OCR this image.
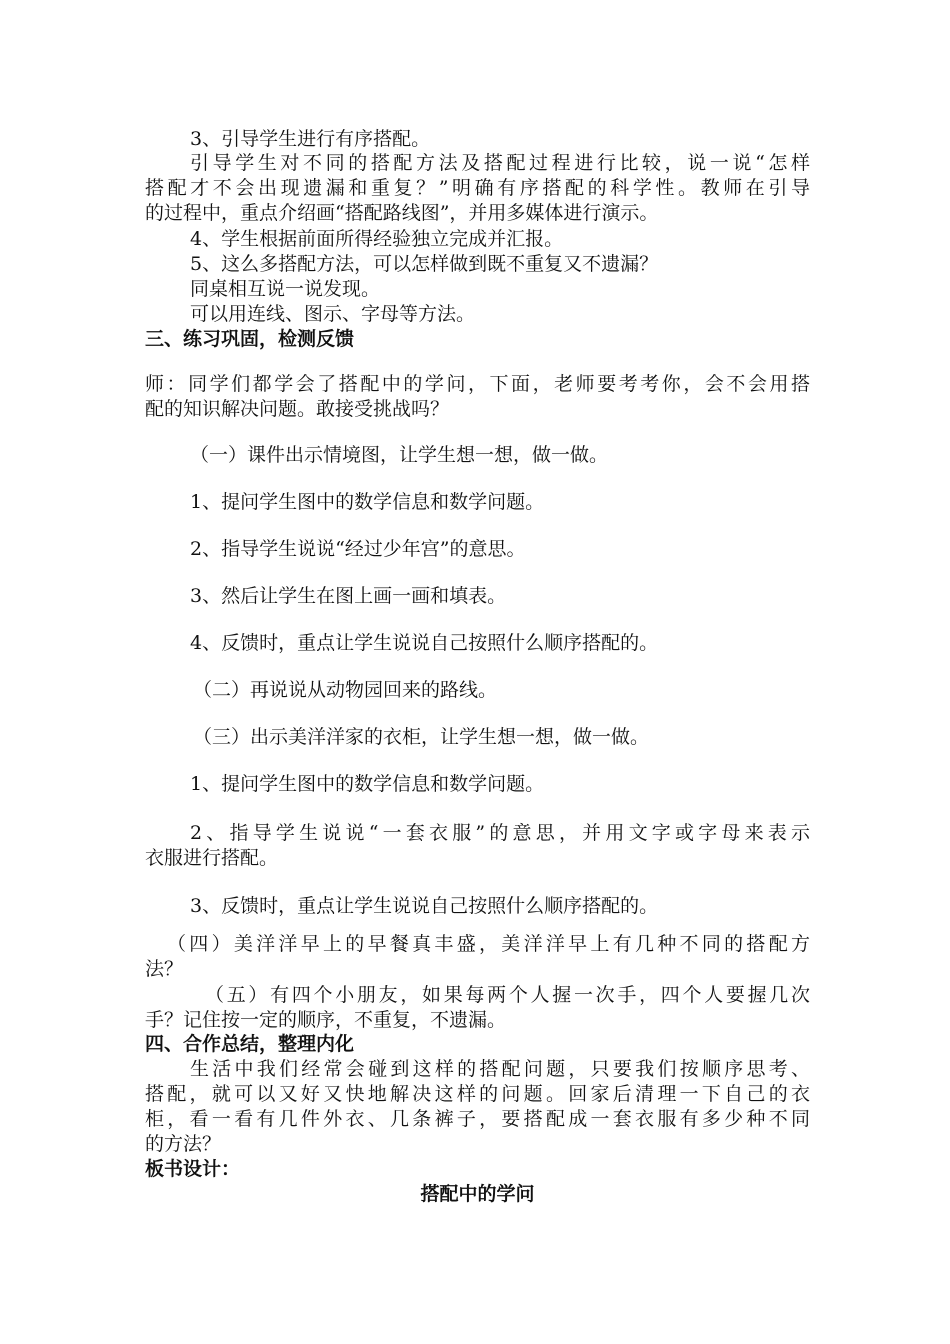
3、引导学生进行有序搭配。
引导学生对不同的搭配方法及搭配过程进行比较，说一说“怎样
搭配才不会出现遗漏和重复？”明确有序搭配的科学性。教师在引导
的过程中，重点介绍画“搭配路线图”，并用多媒体进行演示。
4、学生根据前面所得经验独立完成并汇报。
5、这么多搭配方法，可以怎样做到既不重复又不遗漏？
同桌相互说一说发现。
可以用连线、图示、字母等方法。
三、练习巩固，检测反馈
师：同学们都学会了搭配中的学问，下面，老师要考考你，会不会用搭
配的知识解决问题。敢接受挑战吗？
（一）课件出示情境图，让学生想一想，做一做。
1、提问学生图中的数学信息和数学问题。
2、指导学生说说“经过少年宫”的意思。
3、然后让学生在图上画一画和填表。
4、反馈时，重点让学生说说自己按照什么顺序搭配的。
（二）再说说从动物园回来的路线。
（三）出示美洋洋家的衣柜，让学生想一想，做一做。
1、提问学生图中的数学信息和数学问题。
2、指导学生说说“一套衣服”的意思，并用文字或字母来表示
衣服进行搭配。
3、反馈时，重点让学生说说自己按照什么顺序搭配的。
（四）美洋洋早上的早餐真丰盛，美洋洋早上有几种不同的搭配方
法？
（五）有四个小朋友，如果每两个人握一次手，四个人要握几次
手？记住按一定的顺序，不重复，不遗漏。
四、合作总结，整理内化
生活中我们经常会碰到这样的搭配问题，只要我们按顺序思考、
搭配，就可以又好又快地解决这样的问题。回家后清理一下自己的衣
柜，看一看有几件外衣、几条裤子，要搭配成一套衣服有多少种不同
的方法？
板书设计：
搭配中的学问
